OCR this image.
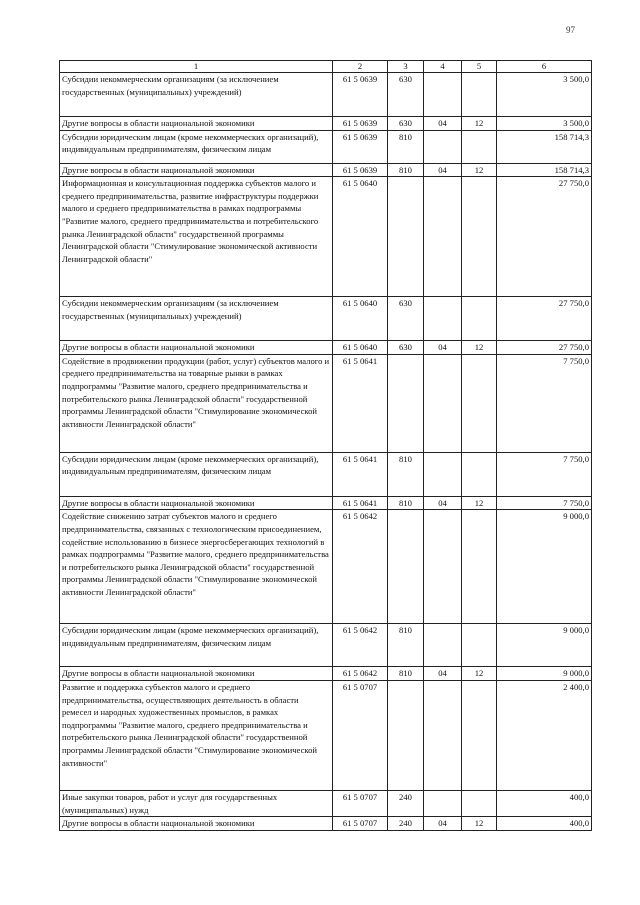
97
1	2	3	4	5	6
Субсидии некоммерческим организациям (за исключением государственных (муниципальных) учреждений)	61 5 0639	630			3 500,0
Другие вопросы в области национальной экономики	61 5 0639	630	04	12	3 500,0
Субсидии юридическим лицам (кроме некоммерческих организаций), индивидуальным предпринимателям, физическим лицам	61 5 0639	810			158 714,3
Другие вопросы в области национальной экономики	61 5 0639	810	04	12	158 714,3
Информационная и консультационная поддержка субъектов малого и среднего предпринимательства, развитие инфраструктуры поддержки малого и среднего предпринимательства в рамках подпрограммы "Развитие малого, среднего предпринимательства и потребительского рынка Ленинградской области" государственной программы Ленинградской области "Стимулирование экономической активности Ленинградской области"	61 5 0640				27 750,0
Субсидии некоммерческим организациям (за исключением государственных (муниципальных) учреждений)	61 5 0640	630			27 750,0
Другие вопросы в области национальной экономики	61 5 0640	630	04	12	27 750,0
Содействие в продвижении продукции (работ, услуг) субъектов малого и среднего предпринимательства на товарные рынки в рамках подпрограммы "Развитие малого, среднего предпринимательства и потребительского рынка Ленинградской области" государственной программы Ленинградской области "Стимулирование экономической активности Ленинградской области"	61 5 0641				7 750,0
Субсидии юридическим лицам (кроме некоммерческих организаций), индивидуальным предпринимателям, физическим лицам	61 5 0641	810			7 750,0
Другие вопросы в области национальной экономики	61 5 0641	810	04	12	7 750,0
Содействие снижению затрат субъектов малого и среднего предпринимательства, связанных с технологическим присоединением, содействие использованию в бизнесе энергосберегающих технологий в рамках подпрограммы "Развитие малого, среднего предпринимательства и потребительского рынка Ленинградской области" государственной программы Ленинградской области "Стимулирование экономической активности Ленинградской области"	61 5 0642				9 000,0
Субсидии юридическим лицам (кроме некоммерческих организаций), индивидуальным предпринимателям, физическим лицам	61 5 0642	810			9 000,0
Другие вопросы в области национальной экономики	61 5 0642	810	04	12	9 000,0
Развитие и поддержка субъектов малого и среднего предпринимательства, осуществляющих деятельность в области ремесел и народных художественных промыслов, в рамках подпрограммы "Развитие малого, среднего предпринимательства и потребительского рынка Ленинградской области" государственной программы Ленинградской области "Стимулирование экономической активности"	61 5 0707				2 400,0
Иные закупки товаров, работ и услуг для государственных (муниципальных) нужд	61 5 0707	240			400,0
Другие вопросы в области национальной экономики	61 5 0707	240	04	12	400,0
